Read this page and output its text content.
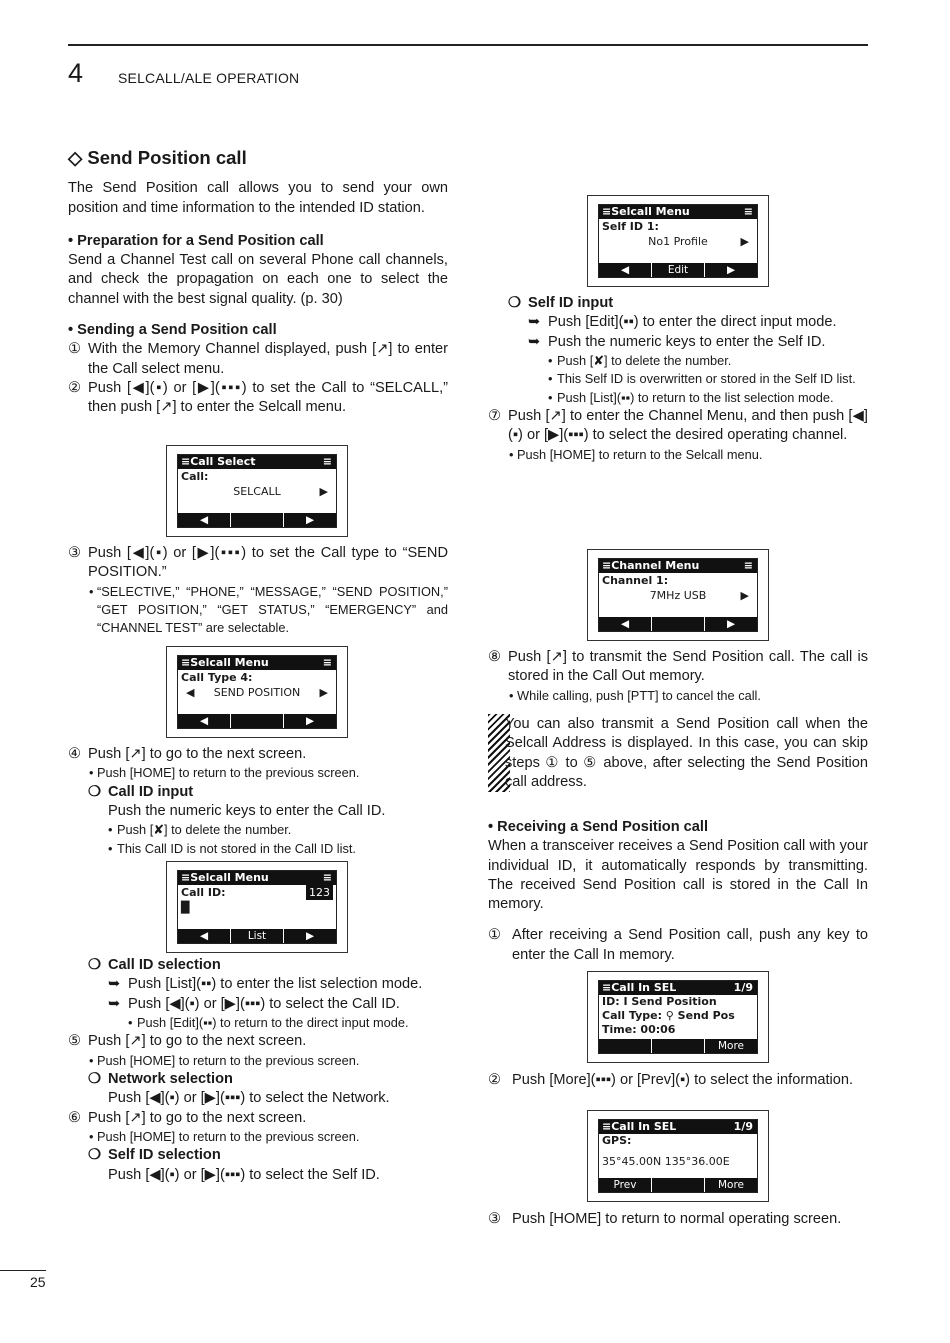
4 SELCALL/ALE OPERATION

◇ Send Position call

The Send Position call allows you to send your own position and time information to the intended ID station.

• Preparation for a Send Position call

Send a Channel Test call on several Phone call channels, and check the propagation on each one to select the channel with the best signal quality. (p. 30)

• Sending a Send Position call

① With the Memory Channel displayed, push [↗] to enter the Call select menu.

② Push [◀](▪) or [▶](▪▪▪) to set the Call to “SELCALL,” then push [↗] to enter the Selcall menu.

≡Call Select	≡
Call:
SELCALL	▶
◀	▶

③ Push [◀](▪) or [▶](▪▪▪) to set the Call type to “SEND POSITION.”

• “SELECTIVE,” “PHONE,” “MESSAGE,” “SEND POSITION,” “GET POSITION,” “GET STATUS,” “EMERGENCY” and “CHANNEL TEST” are selectable.

≡Selcall Menu	≡
Call Type 4:
◀	SEND POSITION	▶
◀	▶

④ Push [↗] to go to the next screen.

• Push [HOME] to return to the previous screen.

❍ Call ID input

Push the numeric keys to enter the Call ID.

• Push [✘] to delete the number.

• This Call ID is not stored in the Call ID list.

≡Selcall Menu	≡
Call ID:	123
█
◀	List	▶

❍ Call ID selection

➥ Push [List](▪▪) to enter the list selection mode.

➥ Push [◀](▪) or [▶](▪▪▪) to select the Call ID.

• Push [Edit](▪▪) to return to the direct input mode.

⑤ Push [↗] to go to the next screen.

• Push [HOME] to return to the previous screen.

❍ Network selection

Push [◀](▪) or [▶](▪▪▪) to select the Network.

⑥ Push [↗] to go to the next screen.

• Push [HOME] to return to the previous screen.

❍ Self ID selection

Push [◀](▪) or [▶](▪▪▪) to select the Self ID.

≡Selcall Menu	≡
Self ID 1:
No1 Profile	▶
◀	Edit	▶

❍ Self ID input

➥ Push [Edit](▪▪) to enter the direct input mode.

➥ Push the numeric keys to enter the Self ID.

• Push [✘] to delete the number.

• This Self ID is overwritten or stored in the Self ID list.

• Push [List](▪▪) to return to the list selection mode.

⑦ Push [↗] to enter the Channel Menu, and then push [◀](▪) or [▶](▪▪▪) to select the desired operating channel.

• Push [HOME] to return to the Selcall menu.

≡Channel Menu	≡
Channel 1:
7MHz USB	▶
◀	▶

⑧ Push [↗] to transmit the Send Position call. The call is stored in the Call Out memory.

• While calling, push [PTT] to cancel the call.

You can also transmit a Send Position call when the Selcall Address is displayed. In this case, you can skip steps ① to ⑤ above, after selecting the Send Position call address.

• Receiving a Send Position call

When a transceiver receives a Send Position call with your individual ID, it automatically responds by transmitting. The received Send Position call is stored in the Call In memory.

① After receiving a Send Position call, push any key to enter the Call In memory.

≡Call In SEL	1/9
ID: I Send Position
Call Type: ⚲ Send Pos
Time: 00:06
More

② Push [More](▪▪▪) or [Prev](▪) to select the information.

≡Call In SEL	1/9
GPS:
35°45.00N 135°36.00E
Prev	More

③ Push [HOME] to return to normal operating screen.

25
